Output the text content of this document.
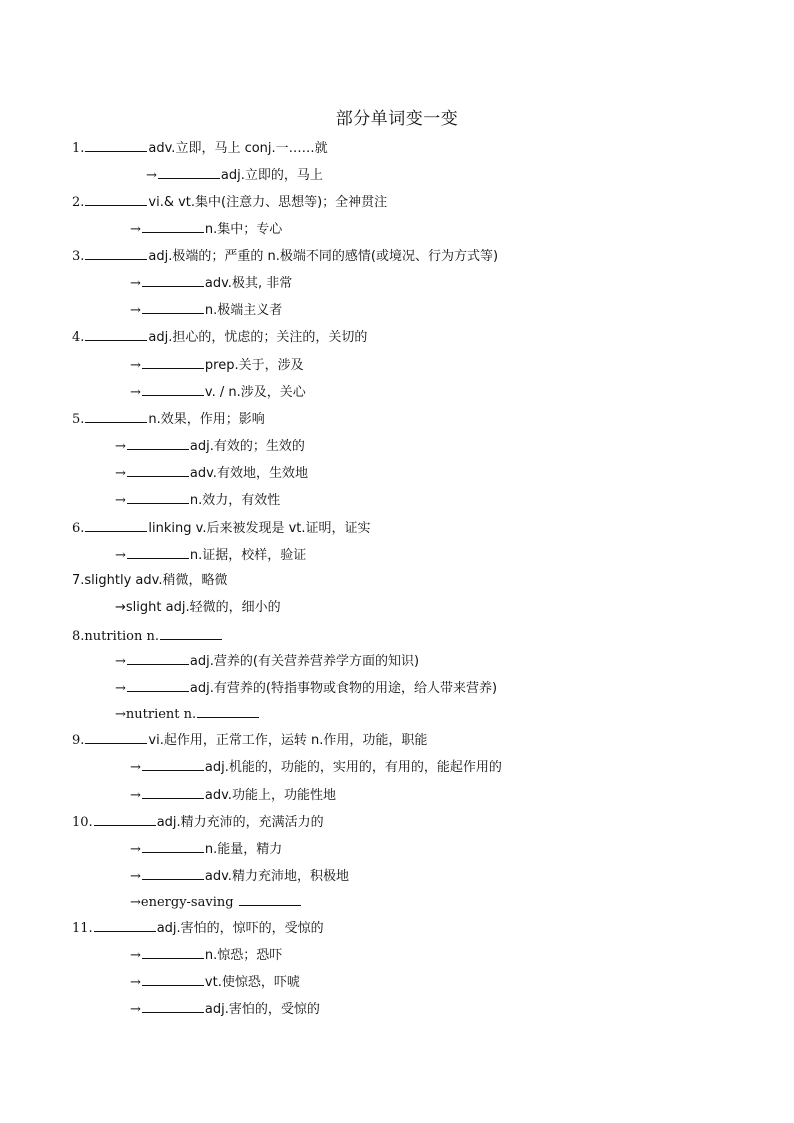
部分单词变一变
1.	adv.立即，马上 conj.一……就
→	adj.立即的，马上
2.	vi.& vt.集中(注意力、思想等)；全神贯注
→	n.集中；专心
3.	adj.极端的；严重的 n.极端不同的感情(或境况、行为方式等)
→	adv.极其, 非常
→	n.极端主义者
4.	adj.担心的，忧虑的；关注的，关切的
→	prep.关于，涉及
→	v. / n.涉及，关心
5.	n.效果，作用；影响
→	adj.有效的；生效的
→	adv.有效地，生效地
→	n.效力，有效性
6.	linking v.后来被发现是 vt.证明，证实
→	n.证据，校样，验证
7.slightly adv.稍微，略微
→slight adj.轻微的，细小的
8.nutrition n.
→	adj.营养的(有关营养营养学方面的知识)
→	adj.有营养的(特指事物或食物的用途，给人带来营养)
→nutrient n.
9.	vi.起作用，正常工作，运转 n.作用，功能，职能
→	adj.机能的，功能的，实用的，有用的，能起作用的
→	adv.功能上，功能性地
10.	adj.精力充沛的，充满活力的
→	n.能量，精力
→	adv.精力充沛地，积极地
→energy-saving
11.	adj.害怕的，惊吓的，受惊的
→	n.惊恐；恐吓
→	vt.使惊恐，吓唬
→	adj.害怕的，受惊的
